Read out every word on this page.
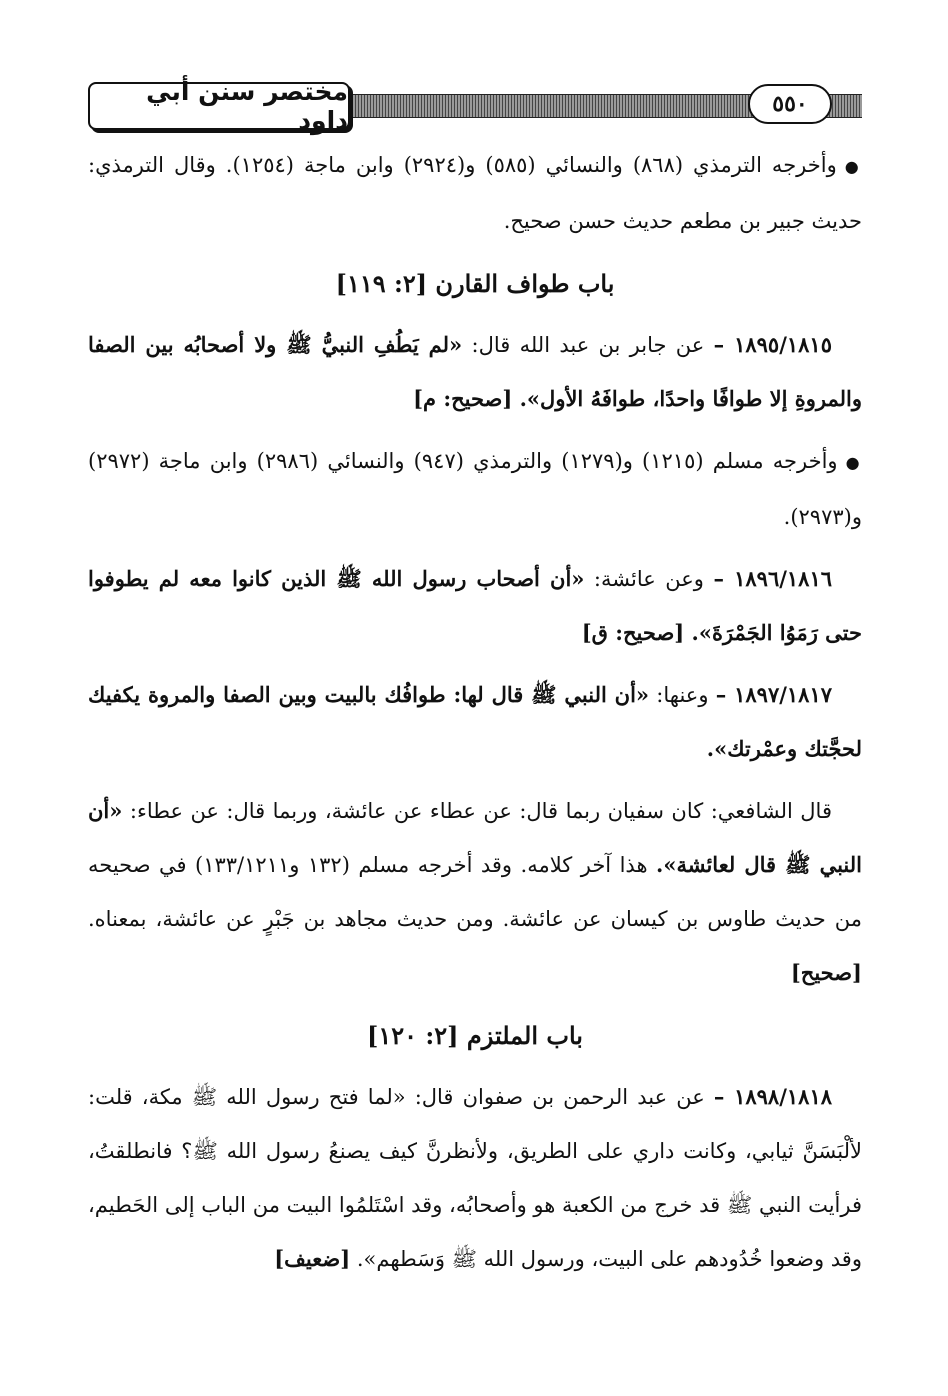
مختصر سنن أبي داود
٥٥٠

●وأخرجه الترمذي (٨٦٨) والنسائي (٥٨٥) و(٢٩٢٤) وابن ماجة (١٢٥٤). وقال الترمذي: حديث جبير بن مطعم حديث حسن صحيح.

باب طواف القارن [٢: ١١٩]

١٨٩٥/١٨١٥ – عن جابر بن عبد الله قال: «لم يَطُفِ النبيُّ ﷺ ولا أصحابُه بين الصفا والمروةِ إلا طوافًا واحدًا، طوافَهُ الأول». [صحيح: م]

●وأخرجه مسلم (١٢١٥) و(١٢٧٩) والترمذي (٩٤٧) والنسائي (٢٩٨٦) وابن ماجة (٢٩٧٢) و(٢٩٧٣).

١٨٩٦/١٨١٦ – وعن عائشة: «أن أصحاب رسول الله ﷺ الذين كانوا معه لم يطوفوا حتى رَمَوُا الجَمْرَةَ». [صحيح: ق]

١٨٩٧/١٨١٧ – وعنها: «أن النبي ﷺ قال لها: طوافُك بالبيت وبين الصفا والمروة يكفيك لحجَّتك وعمْرتك».

قال الشافعي: كان سفيان ربما قال: عن عطاء عن عائشة، وربما قال: عن عطاء: «أن النبي ﷺ قال لعائشة». هذا آخر كلامه. وقد أخرجه مسلم (١٣٢ و١٣٣/١٢١١) في صحيحه من حديث طاوس بن كيسان عن عائشة. ومن حديث مجاهد بن جَبْرٍ عن عائشة، بمعناه. [صحيح]

باب الملتزم [٢: ١٢٠]

١٨٩٨/١٨١٨ – عن عبد الرحمن بن صفوان قال: «لما فتح رسول الله ﷺ مكة، قلت: لألْبَسَنَّ ثيابي، وكانت داري على الطريق، ولأنظرنَّ كيف يصنعُ رسول الله ﷺ؟ فانطلقتُ، فرأيت النبي ﷺ قد خرج من الكعبة هو وأصحابُه، وقد اسْتَلمُوا البيت من الباب إلى الحَطيم، وقد وضعوا خُدُودهم على البيت، ورسول الله ﷺ وَسَطهم». [ضعيف]
